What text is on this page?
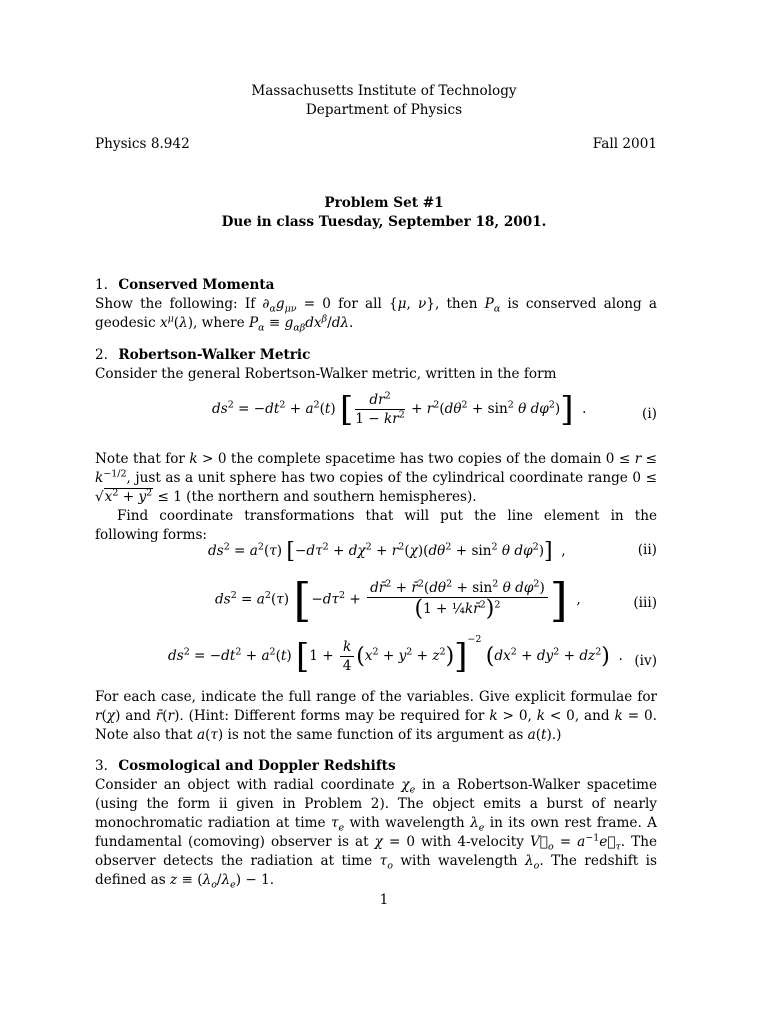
Massachusetts Institute of Technology
Department of Physics
Physics 8.942	Fall 2001
Problem Set #1
Due in class Tuesday, September 18, 2001.
1. Conserved Momenta
Show the following: If $\partial_\alpha g_{\mu\nu} = 0$ for all {μ, ν}, then $P_\alpha$ is conserved along a geodesic $x^\mu(\lambda)$, where $P_\alpha \equiv g_{\alpha\beta}dx^\beta/d\lambda$.
2. Robertson-Walker Metric
Consider the general Robertson-Walker metric, written in the form
$ds^2 = -dt^2 + a^2(t)$ [ $\frac{dr^2}{1 - kr^2} + r^2(d\theta^2 + \sin^2 \theta$ $d\varphi^2$)]  .	(i)
Note that for k > 0 the complete spacetime has two copies of the domain $0 \le r \le k^{-1/2}$, just as a unit sphere has two copies of the cylindrical coordinate range $0 \le √x^2 + y^2 \le 1$ (the northern and southern hemispheres).
Find coordinate transformations that will put the line element in the following forms:
$ds^2 = a^2(\tau) [-d\tau^2 + d\chi^2 + r^2(\chi)(d\theta^2 + \sin^2 \theta$ $d\varphi^2$)]  ,	(ii)
$ds^2 = a^2(\tau) [-d\tau^2 + \frac{dr̄^2 + r̄^2(d\theta^2 + \sin^2 \theta d\varphi^2)}{(1 + \frac{1}{4}kr̄^2)^2}$ ]  ,	(iii)
$ds^2 = -dt^2 + a^2(t) [1 + \frac{k}{4} (x^2 + y^2 + z^2)]^{-2}$ $(dx^2 + dy^2 + dz^2)$  . (iv)
For each case, indicate the full range of the variables. Give explicit formulae for r(χ) and r̄(r). (Hint: Different forms may be required for k > 0, k < 0, and k = 0. Note also that a(τ) is not the same function of its argument as a(t).)
3. Cosmological and Doppler Redshifts
Consider an object with radial coordinate $\chi_e$ in a Robertson-Walker spacetime (using the form ii given in Problem 2). The object emits a burst of nearly monochromatic radiation at time $\tau_e$ with wavelength $\lambda_e$ in its own rest frame. A fundamental (comoving) observer is at χ = 0 with 4-velocity $V⃗_o$ = $a^{-1}e⃗_\tau$. The observer detects the radiation at time $\tau_o$ with wavelength $\lambda_o$. The redshift is defined as $z \equiv (\lambda_o/\lambda_e) - 1$.
1
